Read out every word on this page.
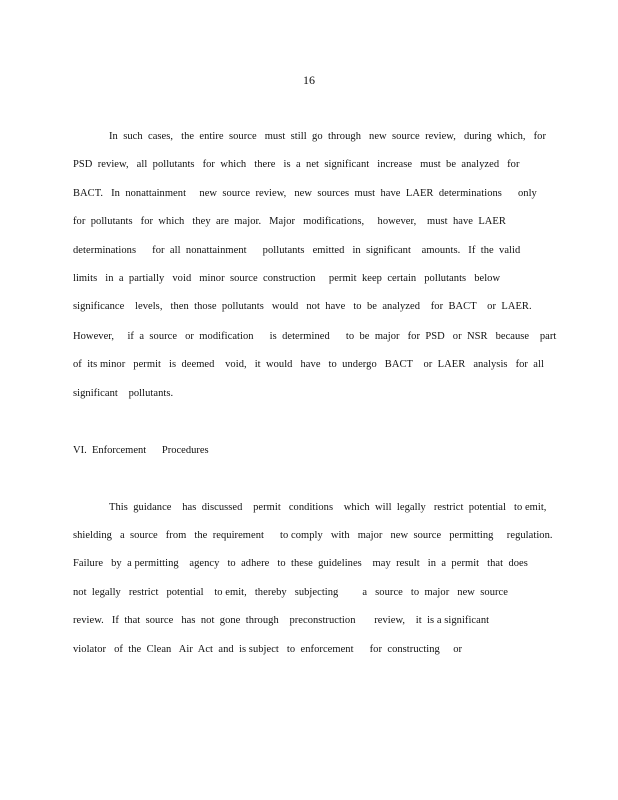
16
In  such  cases,   the  entire  source   must  still  go  through   new  source  review,   during  which,   for
PSD  review,   all  pollutants   for  which   there   is  a  net  significant   increase   must  be  analyzed   for
BACT.   In  nonattainment     new  source  review,   new  sources  must  have  LAER  determinations      only
for  pollutants   for  which   they  are  major.   Major   modifications,     however,    must  have  LAER
determinations      for  all  nonattainment      pollutants   emitted   in  significant    amounts.   If  the  valid
limits   in  a  partially   void   minor  source  construction     permit  keep  certain   pollutants   below
significance    levels,   then  those  pollutants   would   not  have   to  be  analyzed    for  BACT    or  LAER.
However,     if  a  source   or  modification      is  determined      to  be  major   for  PSD   or  NSR   because    part
of  its minor   permit   is  deemed    void,   it  would   have   to  undergo   BACT    or  LAER   analysis   for  all
significant    pollutants.
VI.  Enforcement      Procedures
This  guidance    has  discussed    permit   conditions    which  will  legally   restrict  potential   to emit,
shielding   a  source   from   the  requirement      to comply   with   major   new  source   permitting     regulation.
Failure   by  a permitting    agency   to  adhere   to  these  guidelines    may  result   in  a  permit   that  does
not  legally   restrict   potential    to emit,   thereby   subjecting         a   source   to  major   new  source
review.   If  that  source   has  not  gone  through    preconstruction       review,    it  is a significant
violator   of  the  Clean   Air  Act  and  is subject   to  enforcement      for  constructing     or
